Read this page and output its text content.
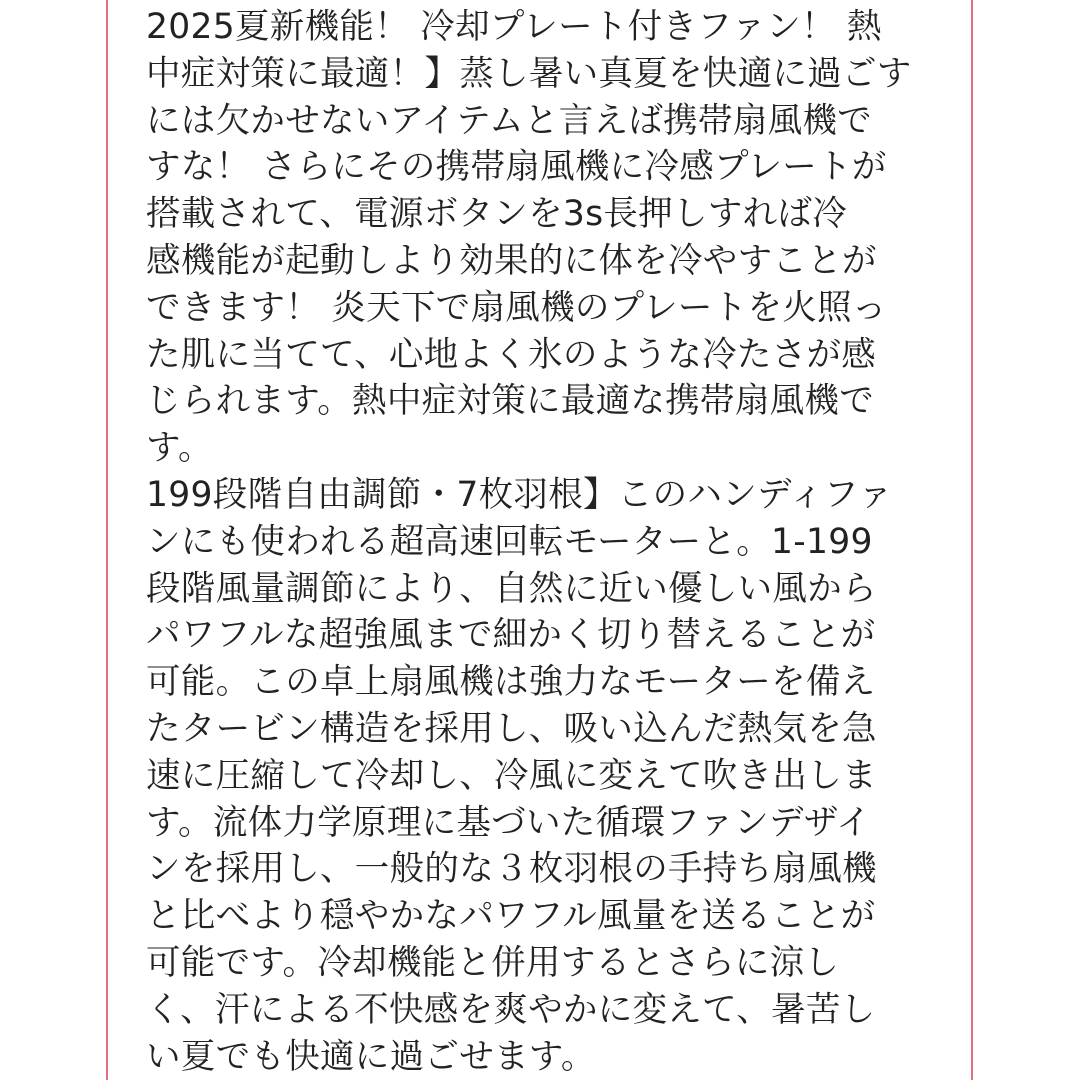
2025夏新機能！ 冷却プレート付きファン！ 熱
中症対策に最適！】蒸し暑い真夏を快適に過ごす
には欠かせないアイテムと言えば携帯扇風機で
すな！ さらにその携帯扇風機に冷感プレートが
搭載されて、電源ボタンを3s長押しすれば冷
感機能が起動しより効果的に体を冷やすことが
できます！ 炎天下で扇風機のプレートを火照っ
た肌に当てて、心地よく氷のような冷たさが感
じられます。熱中症対策に最適な携帯扇風機で
す。
199段階自由調節・7枚羽根】このハンディファ
ンにも使われる超高速回転モーターと。1-199
段階風量調節により、自然に近い優しい風から
パワフルな超強風まで細かく切り替えることが
可能。この卓上扇風機は強力なモーターを備え
たタービン構造を採用し、吸い込んだ熱気を急
速に圧縮して冷却し、冷風に変えて吹き出しま
す。流体力学原理に基づいた循環ファンデザイ
ンを採用し、一般的な３枚羽根の手持ち扇風機
と比べより穏やかなパワフル風量を送ることが
可能です。冷却機能と併用するとさらに涼し
く、汗による不快感を爽やかに変えて、暑苦し
い夏でも快適に過ごせます。
